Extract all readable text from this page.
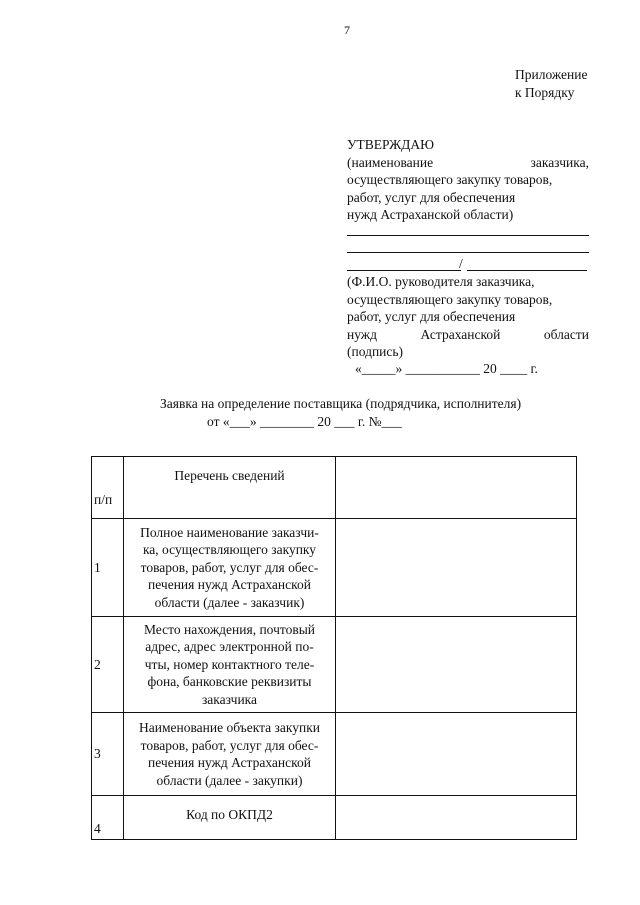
7
Приложение
к Порядку
УТВЕРЖДАЮ
(наименование	заказчика,
осуществляющего закупку товаров,
работ, услуг для обеспечения
нужд Астраханской области)
/
(Ф.И.О. руководителя заказчика,
осуществляющего закупку товаров,
работ, услуг для обеспечения
нужд	Астраханской	области
(подпись)
«_____» ___________ 20 ____ г.
Заявка на определение поставщика (подрядчика, исполнителя)
от «___» ________ 20 ___ г. №___
п/п	Перечень сведений	
1	Полное наименование заказчи-
ка, осуществляющего закупку
товаров, работ, услуг для обес-
печения нужд Астраханской
области (далее - заказчик)	

2	Место нахождения, почтовый
адрес, адрес электронной по-
чты, номер контактного теле-
фона, банковские реквизиты
заказчика	

3	Наименование объекта закупки
товаров, работ, услуг для обес-
печения нужд Астраханской
области (далее - закупки)	

4	Код по ОКПД2	
